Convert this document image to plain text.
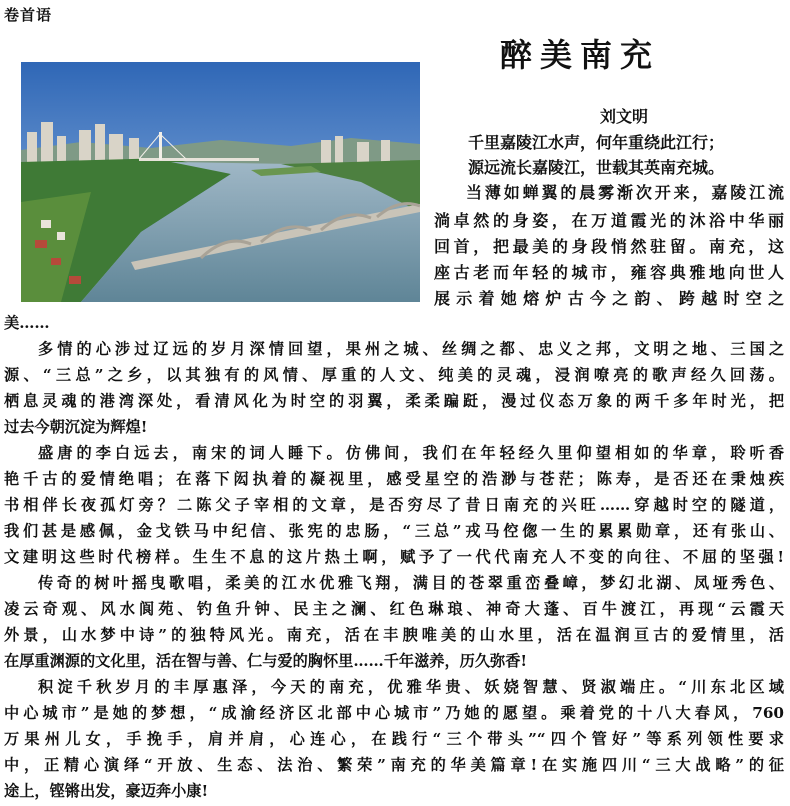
卷首语
醉美南充
刘文明
千里嘉陵江水声，何年重绕此江行；
源远流长嘉陵江，世载其英南充城。
当薄如蝉翼的晨雾渐次开来，嘉陵江流
淌卓然的身姿，在万道霞光的沐浴中华丽
回首，把最美的身段悄然驻留。南充，这
座古老而年轻的城市，雍容典雅地向世人
展示着她熔炉古今之韵、跨越时空之
美……
多情的心涉过辽远的岁月深情回望，果州之城、丝绸之都、忠义之邦，文明之地、三国之
源、“三总”之乡，以其独有的风情、厚重的人文、纯美的灵魂，浸润嘹亮的歌声经久回荡。
栖息灵魂的港湾深处，看清风化为时空的羽翼，柔柔蹁跹，漫过仪态万象的两千多年时光，把
过去今朝沉淀为辉煌!
盛唐的李白远去，南宋的词人睡下。仿佛间，我们在年轻经久里仰望相如的华章，聆听香
艳千古的爱情绝唱；在落下闳执着的凝视里，感受星空的浩渺与苍茫；陈寿，是否还在秉烛疾
书相伴长夜孤灯旁？二陈父子宰相的文章，是否穷尽了昔日南充的兴旺……穿越时空的隧道，
我们甚是感佩，金戈铁马中纪信、张宪的忠肠，“三总”戎马倥偬一生的累累勋章，还有张山、
文建明这些时代榜样。生生不息的这片热土啊，赋予了一代代南充人不变的向往、不屈的坚强!
传奇的树叶摇曳歌唱，柔美的江水优雅飞翔，满目的苍翠重峦叠嶂，梦幻北湖、凤垭秀色、
凌云奇观、风水阆苑、钓鱼升钟、民主之澜、红色琳琅、神奇大蓬、百牛渡江，再现“云霞天
外景，山水梦中诗”的独特风光。南充，活在丰腴唯美的山水里，活在温润亘古的爱情里，活
在厚重渊源的文化里，活在智与善、仁与爱的胸怀里……千年滋养，历久弥香!
积淀千秋岁月的丰厚惠泽，今天的南充，优雅华贵、妖娆智慧、贤淑端庄。“川东北区域
中心城市”是她的梦想，“成渝经济区北部中心城市”乃她的愿望。乘着党的十八大春风，760
万果州儿女，手挽手，肩并肩，心连心，在践行“三个带头”“四个管好”等系列领性要求
中，正精心演绎“开放、生态、法治、繁荣”南充的华美篇章!在实施四川“三大战略”的征
途上，铿锵出发，豪迈奔小康!
